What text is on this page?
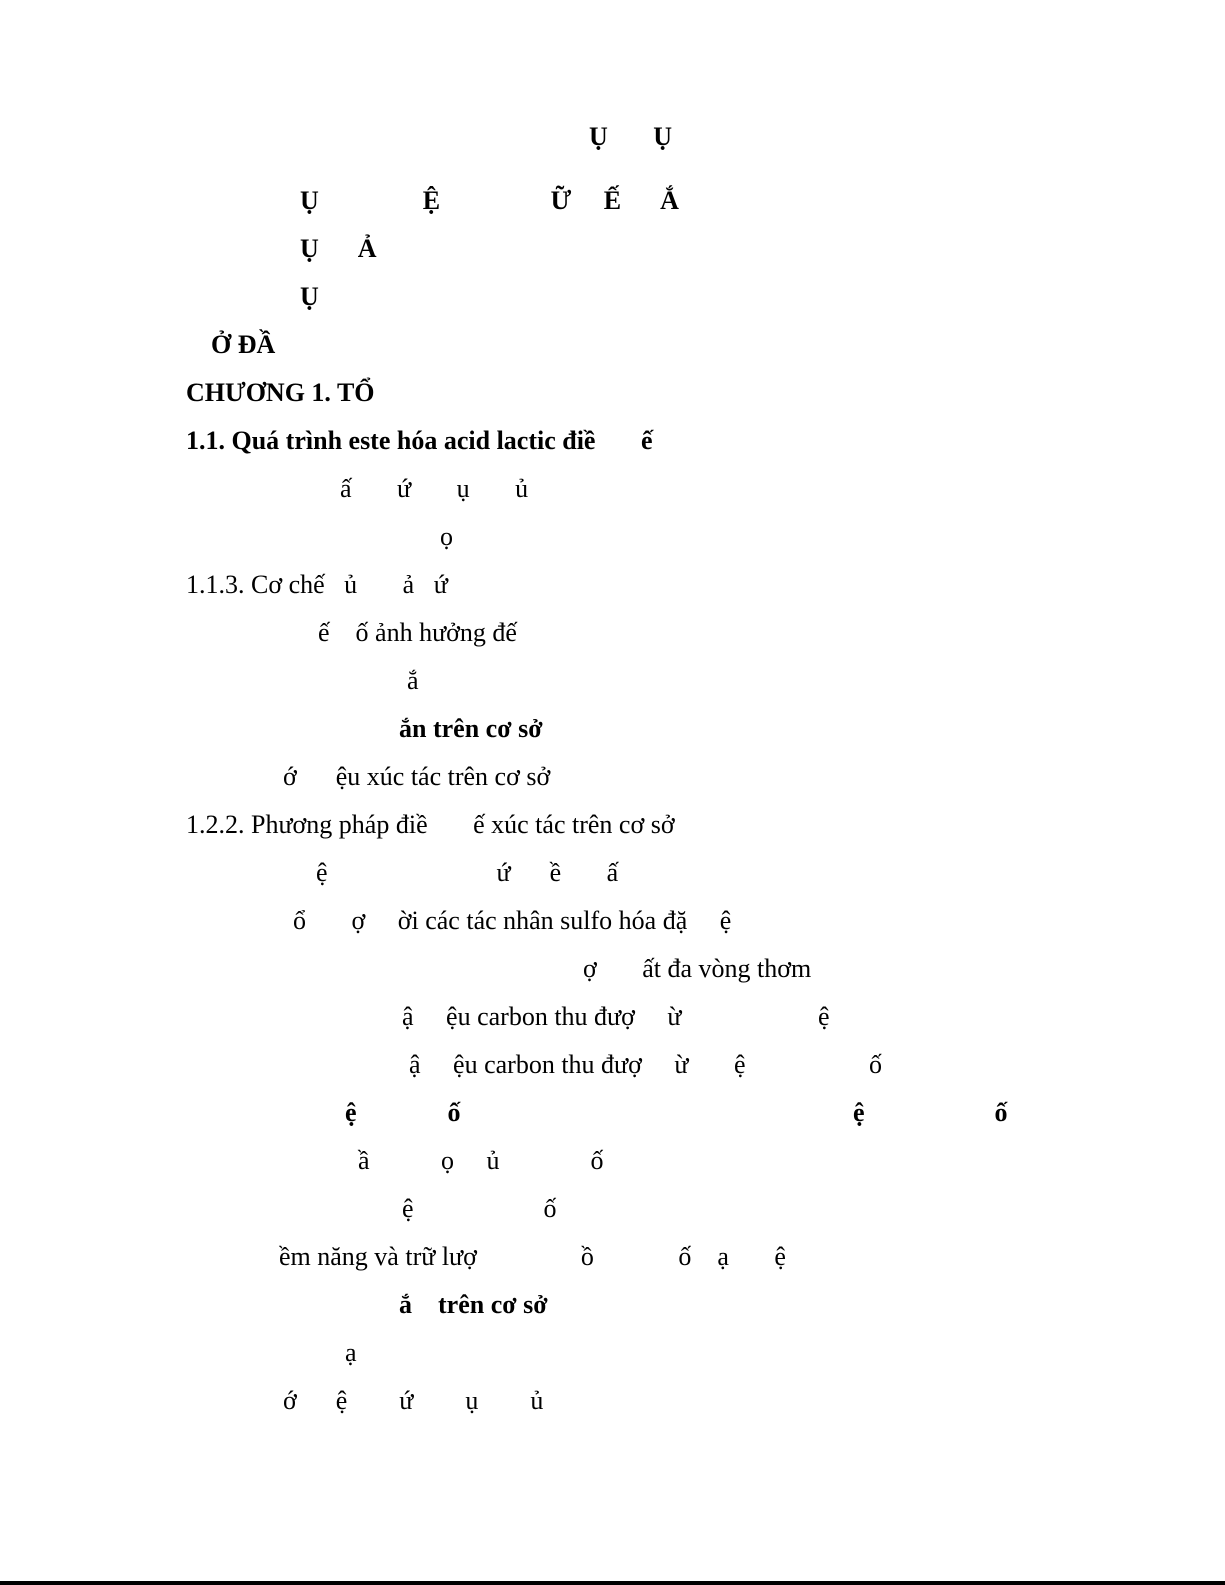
Ụ       Ụ
Ụ                Ệ                 Ữ     Ế      Ắ
Ụ      Ả
Ụ
Ở ĐẦ
CHƯƠNG 1. TỔ
1.1. Quá trình este hóa acid lactic điề       ế
ấ       ứ       ụ       ủ
ọ
1.1.3. Cơ chế   ủ       ả   ứ
ế    ố ảnh hưởng đế
ắ
ắn trên cơ sở
ớ      ệu xúc tác trên cơ sở
1.2.2. Phương pháp điề       ế xúc tác trên cơ sở
ệ                          ứ      ề       ấ
ổ       ợ     ời các tác nhân sulfo hóa đặ     ệ
ợ       ất đa vòng thơm
ậ     ệu carbon thu đượ     ừ                     ệ
ậ     ệu carbon thu đượ     ừ       ệ                   ố
ệ              ố	ệ                    ố
ầ           ọ     ủ              ố
ệ                    ố
ềm năng và trữ lượ                ồ             ố    ạ       ệ
ắ    trên cơ sở
ạ
ớ      ệ        ứ        ụ        ủ
